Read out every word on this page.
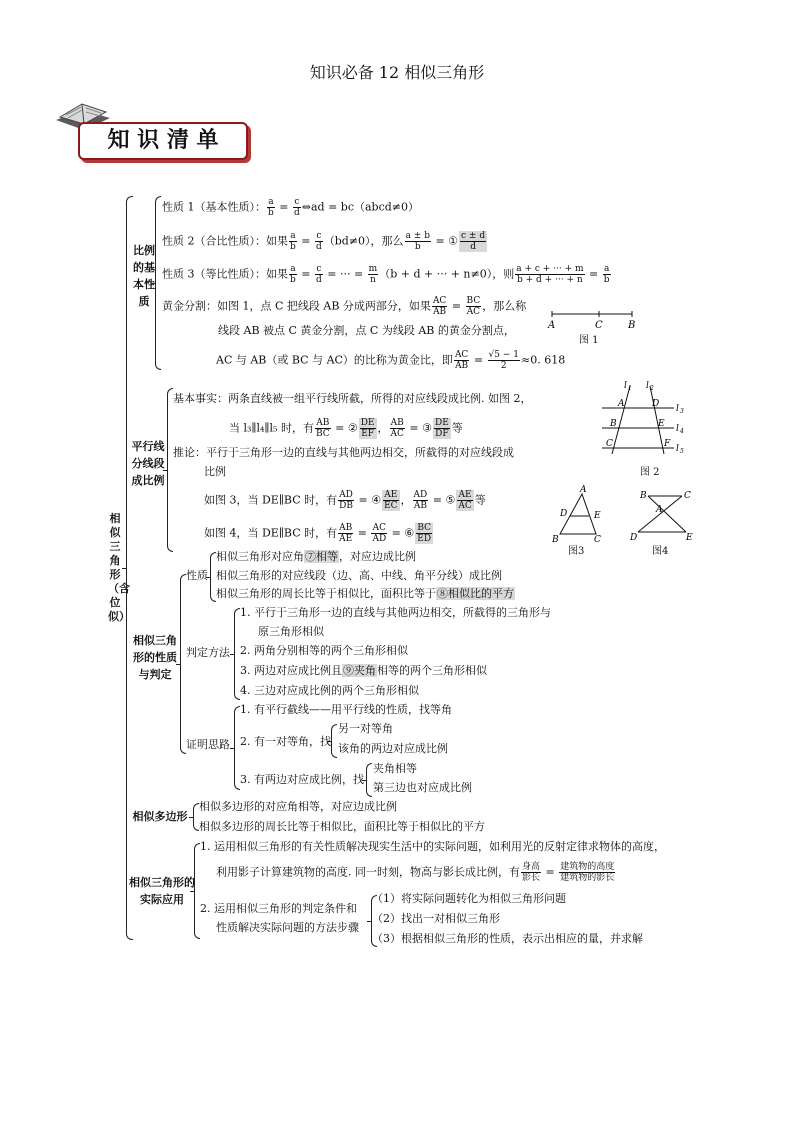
知识必备 12 相似三角形
知 识 清 单
相似三角形（含位似）
比例的基本性质
性质 1（基本性质）： $\frac{a}{b} = \frac{c}{d}$ ⇔ad = bc（abcd≠0）
性质 2（合比性质）：如果 $\frac{a}{b} = \frac{c}{d} (bd\ne 0)$，那么 $\frac{a \pm b}{b}$ = ① $\frac{c \pm d}{d}$
性质 3（等比性质）：如果 $\frac{a}{b} = \frac{c}{d}$ = ··· = $\frac{m}{n} (b + d$ + ··· + n≠0），则 $\frac{a + c + \cdot\cdot\cdot + m}{b + d + \cdot\cdot\cdot + n} = \frac{a}{b}$
黄金分割：如图 1，点 C 把线段 AB 分成两部分，如果 $\frac{AC}{AB} = \frac{BC}{AC}$ ，那么称
线段 AB 被点 C 黄金分割，点 C 为线段 AB 的黄金分割点，
AC 与 AB（或 BC 与 AC）的比称为黄金比，即 $\frac{AC}{AB} = \frac{√5 - 1}{2} \approx 0$. 618
A	C	B
图 1
平行线分线段成比例
基本事实：两条直线被一组平行线所截，所得的对应线段成比例. 如图 2，
当 l₃∥l₄∥l₅ 时，有 $\frac{AB}{BC}$ = ② $\frac{DE}{EF}$ ， $\frac{AB}{AC}$ = ③ $\frac{DE}{DF}$ 等
推论：平行于三角形一边的直线与其他两边相交，所截得的对应线段成
比例
如图 3，当 DE∥BC 时，有 $\frac{AD}{DB}$ = ④ $\frac{AE}{EC}$ ， $\frac{AD}{AB}$ = ⑤ $\frac{AE}{AC}$ 等
如图 4，当 DE∥BC 时，有 $\frac{AB}{AE} = \frac{AC}{AD}$ = ⑥ $\frac{BC}{ED}$
l 1 l 2
A	D
B	E
C	F
l 3
l 4
l 5
图 2
A
D	E
B	C
图3
B	C
A
D	E
图4
相似三角形的性质与判定
性质
相似三角形对应角⑦相等，对应边成比例
相似三角形的对应线段（边、高、中线、角平分线）成比例
相似三角形的周长比等于相似比，面积比等于⑧相似比的平方
判定方法
1. 平行于三角形一边的直线与其他两边相交，所截得的三角形与
原三角形相似
2. 两角分别相等的两个三角形相似
3. 两边对应成比例且⑨夹角相等的两个三角形相似
4. 三边对应成比例的两个三角形相似
证明思路
1. 有平行截线——用平行线的性质，找等角
2. 有一对等角，找
另一对等角
该角的两边对应成比例
3. 有两边对应成比例，找
夹角相等
第三边也对应成比例
相似多边形
相似多边形的对应角相等，对应边成比例
相似多边形的周长比等于相似比，面积比等于相似比的平方
相似三角形的实际应用
1. 运用相似三角形的有关性质解决现实生活中的实际问题，如利用光的反射定律求物体的高度，
利用影子计算建筑物的高度. 同一时刻，物高与影长成比例，有 $\frac{\text{身高}}{\text{影长}} = \frac{\text{建筑物的高度}}{\text{建筑物的影长}}$
2. 运用相似三角形的判定条件和
性质解决实际问题的方法步骤
（1）将实际问题转化为相似三角形问题
（2）找出一对相似三角形
（3）根据相似三角形的性质，表示出相应的量，并求解
